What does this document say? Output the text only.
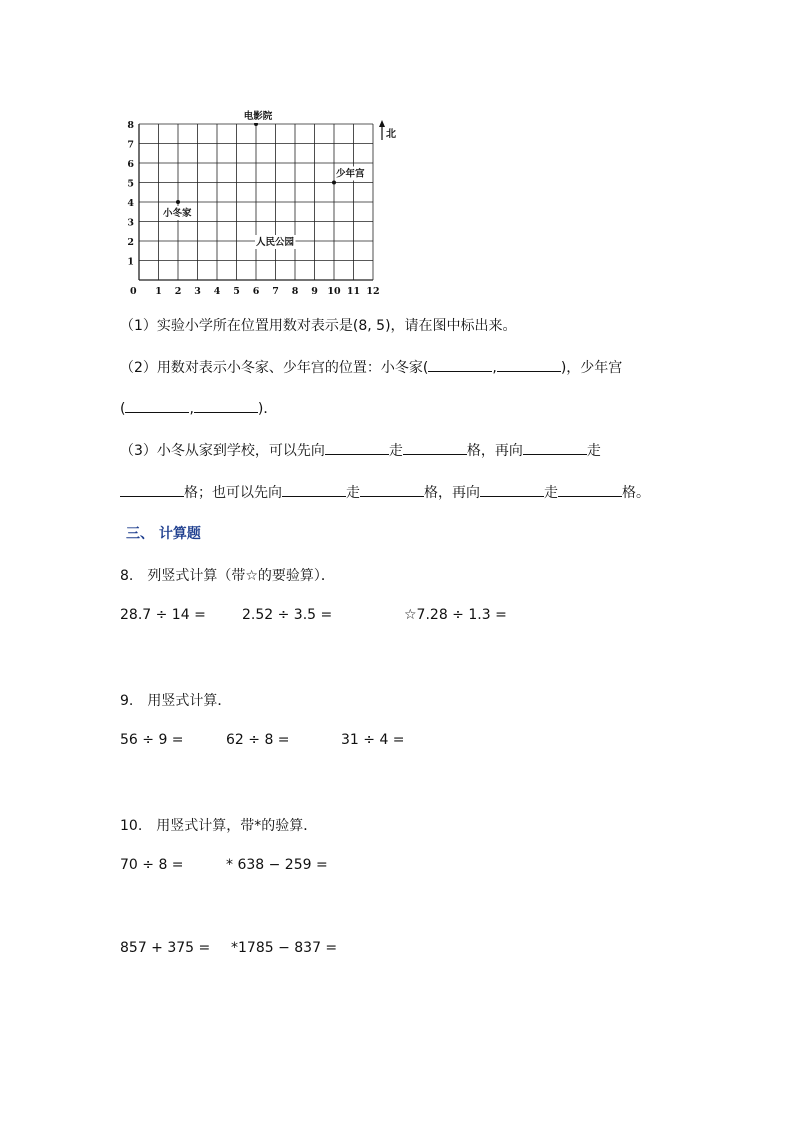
0 1 2 3 4 5 6 7 8 9 10 11 12
1
2
3
4
5
6
7
8
电影院
少年宫
小冬家
人民公园
北
（1）实验小学所在位置用数对表示是(8, 5)，请在图中标出来。
（2）用数对表示小冬家、少年宫的位置：小冬家(	,	)，少年宫
(	,	)．
（3）小冬从家到学校，可以先向	走	格，再向	走
格；也可以先向	走	格，再向	走	格。
三、 计算题
8.　列竖式计算（带☆的要验算）．
28.7 ÷ 14 =	2.52 ÷ 3.5 =	☆7.28 ÷ 1.3 =
9.　用竖式计算．
56 ÷ 9 =	62 ÷ 8 =	31 ÷ 4 =
10.　用竖式计算，带*的验算．
70 ÷ 8 =	* 638 − 259 =
857 + 375 = *1785 − 837 =
